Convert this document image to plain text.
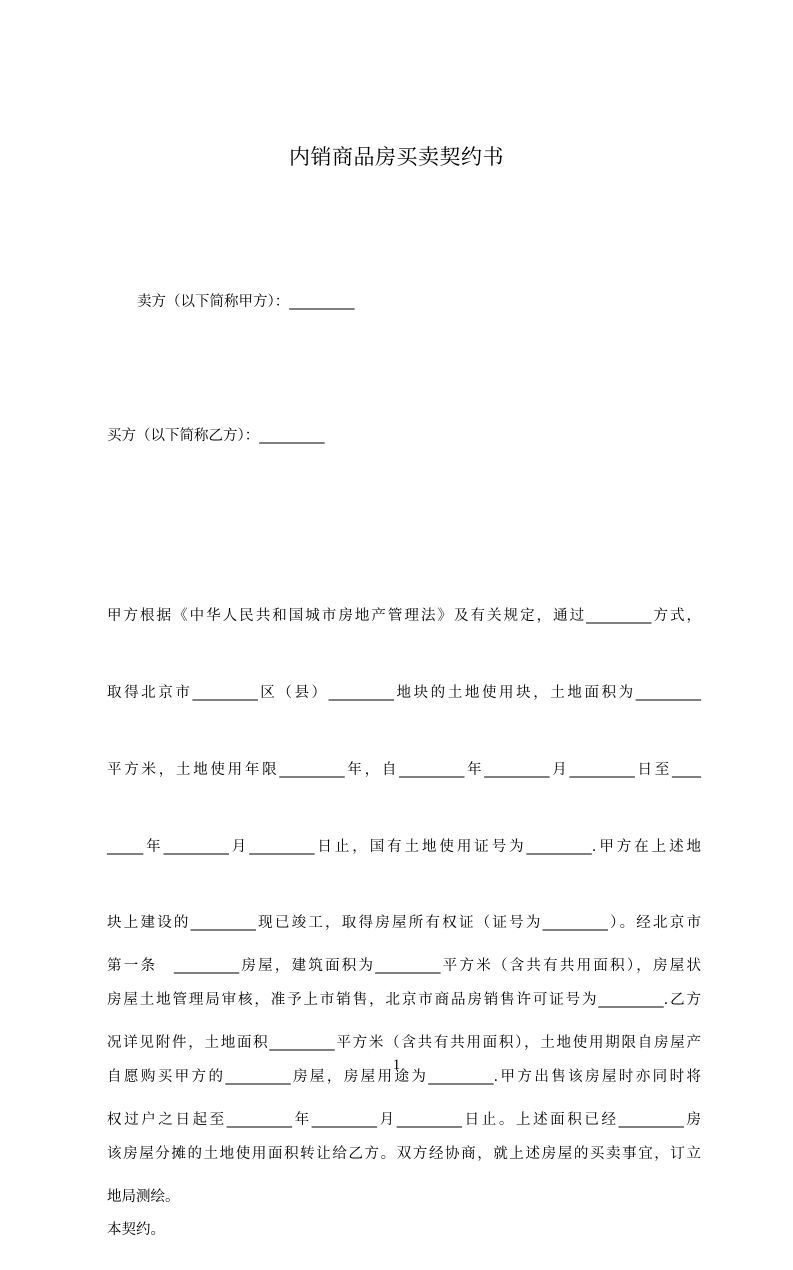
内销商品房买卖契约书
卖方（以下简称甲方）：_________
买方（以下简称乙方）：_________

甲方根据《中华人民共和国城市房地产管理法》及有关规定，通过_________方式，

取得北京市_________区（县）_________地块的土地使用块，土地面积为_________

平方米，土地使用年限_________年，自_________年_________月_________日至____

_____年_________月_________日止，国有土地使用证号为_________.甲方在上述地

块上建设的_________现已竣工，取得房屋所有权证（证号为_________）。经北京市

房屋土地管理局审核，准予上市销售，北京市商品房销售许可证号为_________.乙方

自愿购买甲方的_________房屋，房屋用途为_________.甲方出售该房屋时亦同时将

该房屋分摊的土地使用面积转让给乙方。双方经协商，就上述房屋的买卖事宜，订立

本契约。

第一条　_________房屋，建筑面积为_________平方米（含共有共用面积），房屋状

况详见附件，土地面积_________平方米（含共有共用面积），土地使用期限自房屋产

权过户之日起至_________年_________月_________日止。上述面积已经_________房

地局测绘。

1
